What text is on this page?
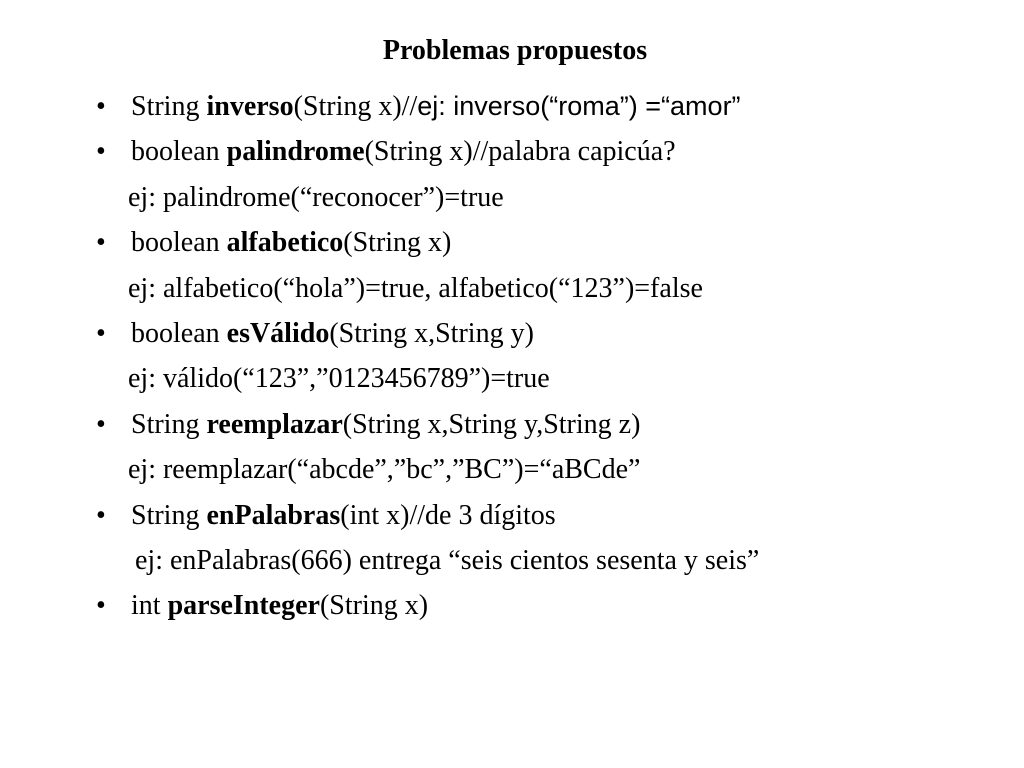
Problemas propuestos
• String inverso(String x)//ej: inverso(“roma”) =“amor”
• boolean palindrome(String x)//palabra capicúa?
ej: palindrome(“reconocer”)=true
• boolean alfabetico(String x)
ej: alfabetico(“hola”)=true, alfabetico(“123”)=false
• boolean esVálido(String x,String y)
ej: válido(“123”,”0123456789”)=true
• String reemplazar(String x,String y,String z)
ej: reemplazar(“abcde”,”bc”,”BC”)=“aBCde”
• String enPalabras(int x)//de 3 dígitos
ej: enPalabras(666) entrega “seis cientos sesenta y seis”
• int parseInteger(String x)
